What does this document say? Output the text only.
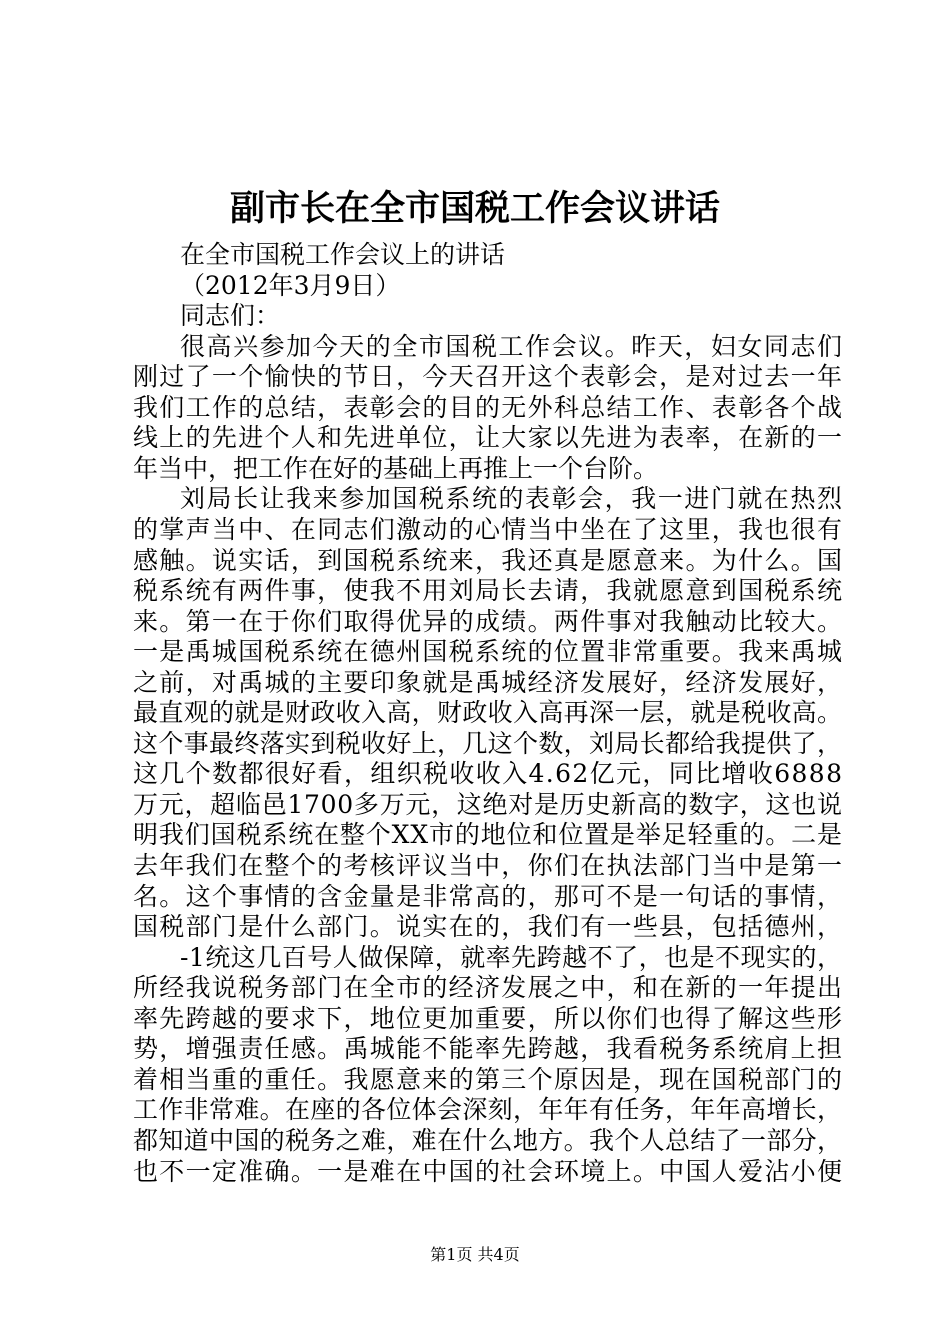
副市长在全市国税工作会议讲话
在全市国税工作会议上的讲话
（2012年3月9日）
同志们：
很高兴参加今天的全市国税工作会议。昨天，妇女同志们
刚过了一个愉快的节日，今天召开这个表彰会，是对过去一年
我们工作的总结，表彰会的目的无外科总结工作、表彰各个战
线上的先进个人和先进单位，让大家以先进为表率，在新的一
年当中，把工作在好的基础上再推上一个台阶。
刘局长让我来参加国税系统的表彰会，我一进门就在热烈
的掌声当中、在同志们激动的心情当中坐在了这里，我也很有
感触。说实话，到国税系统来，我还真是愿意来。为什么。国
税系统有两件事，使我不用刘局长去请，我就愿意到国税系统
来。第一在于你们取得优异的成绩。两件事对我触动比较大。
一是禹城国税系统在德州国税系统的位置非常重要。我来禹城
之前，对禹城的主要印象就是禹城经济发展好，经济发展好，
最直观的就是财政收入高，财政收入高再深一层，就是税收高。
这个事最终落实到税收好上，几这个数，刘局长都给我提供了，
这几个数都很好看，组织税收收入4.62亿元，同比增收6888
万元，超临邑1700多万元，这绝对是历史新高的数字，这也说
明我们国税系统在整个XX市的地位和位置是举足轻重的。二是
去年我们在整个的考核评议当中，你们在执法部门当中是第一
名。这个事情的含金量是非常高的，那可不是一句话的事情，
国税部门是什么部门。说实在的，我们有一些县，包括德州，
-1统这几百号人做保障，就率先跨越不了，也是不现实的，
所经我说税务部门在全市的经济发展之中，和在新的一年提出
率先跨越的要求下，地位更加重要，所以你们也得了解这些形
势，增强责任感。禹城能不能率先跨越，我看税务系统肩上担
着相当重的重任。我愿意来的第三个原因是，现在国税部门的
工作非常难。在座的各位体会深刻，年年有任务，年年高增长，
都知道中国的税务之难，难在什么地方。我个人总结了一部分，
也不一定准确。一是难在中国的社会环境上。中国人爱沾小便
第1页 共4页
